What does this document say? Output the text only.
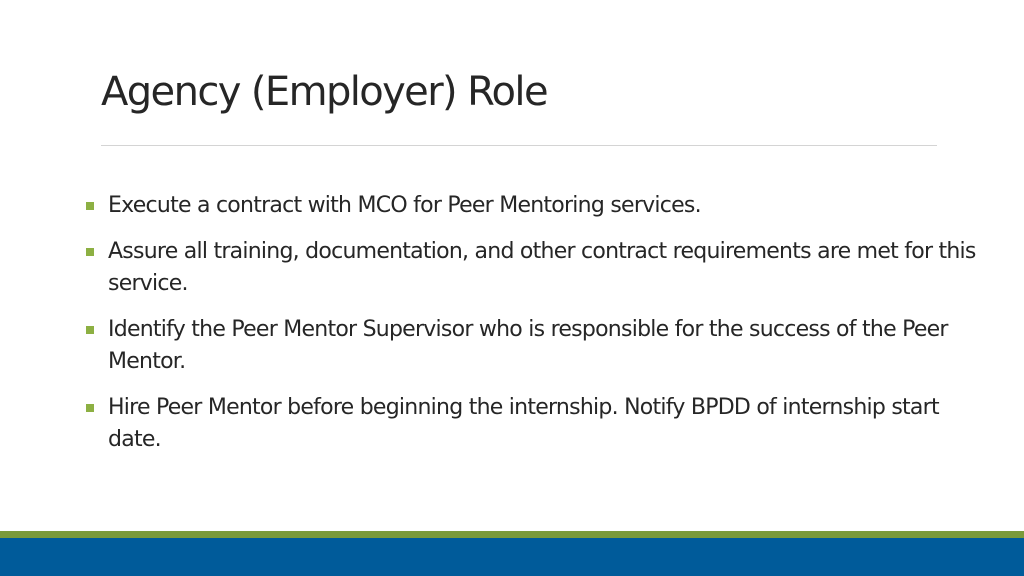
Agency (Employer) Role
Execute a contract with MCO for Peer Mentoring services.
Assure all training, documentation, and other contract requirements are met for this service.
Identify the Peer Mentor Supervisor who is responsible for the success of the Peer Mentor.
Hire Peer Mentor before beginning the internship. Notify BPDD of internship start date.
